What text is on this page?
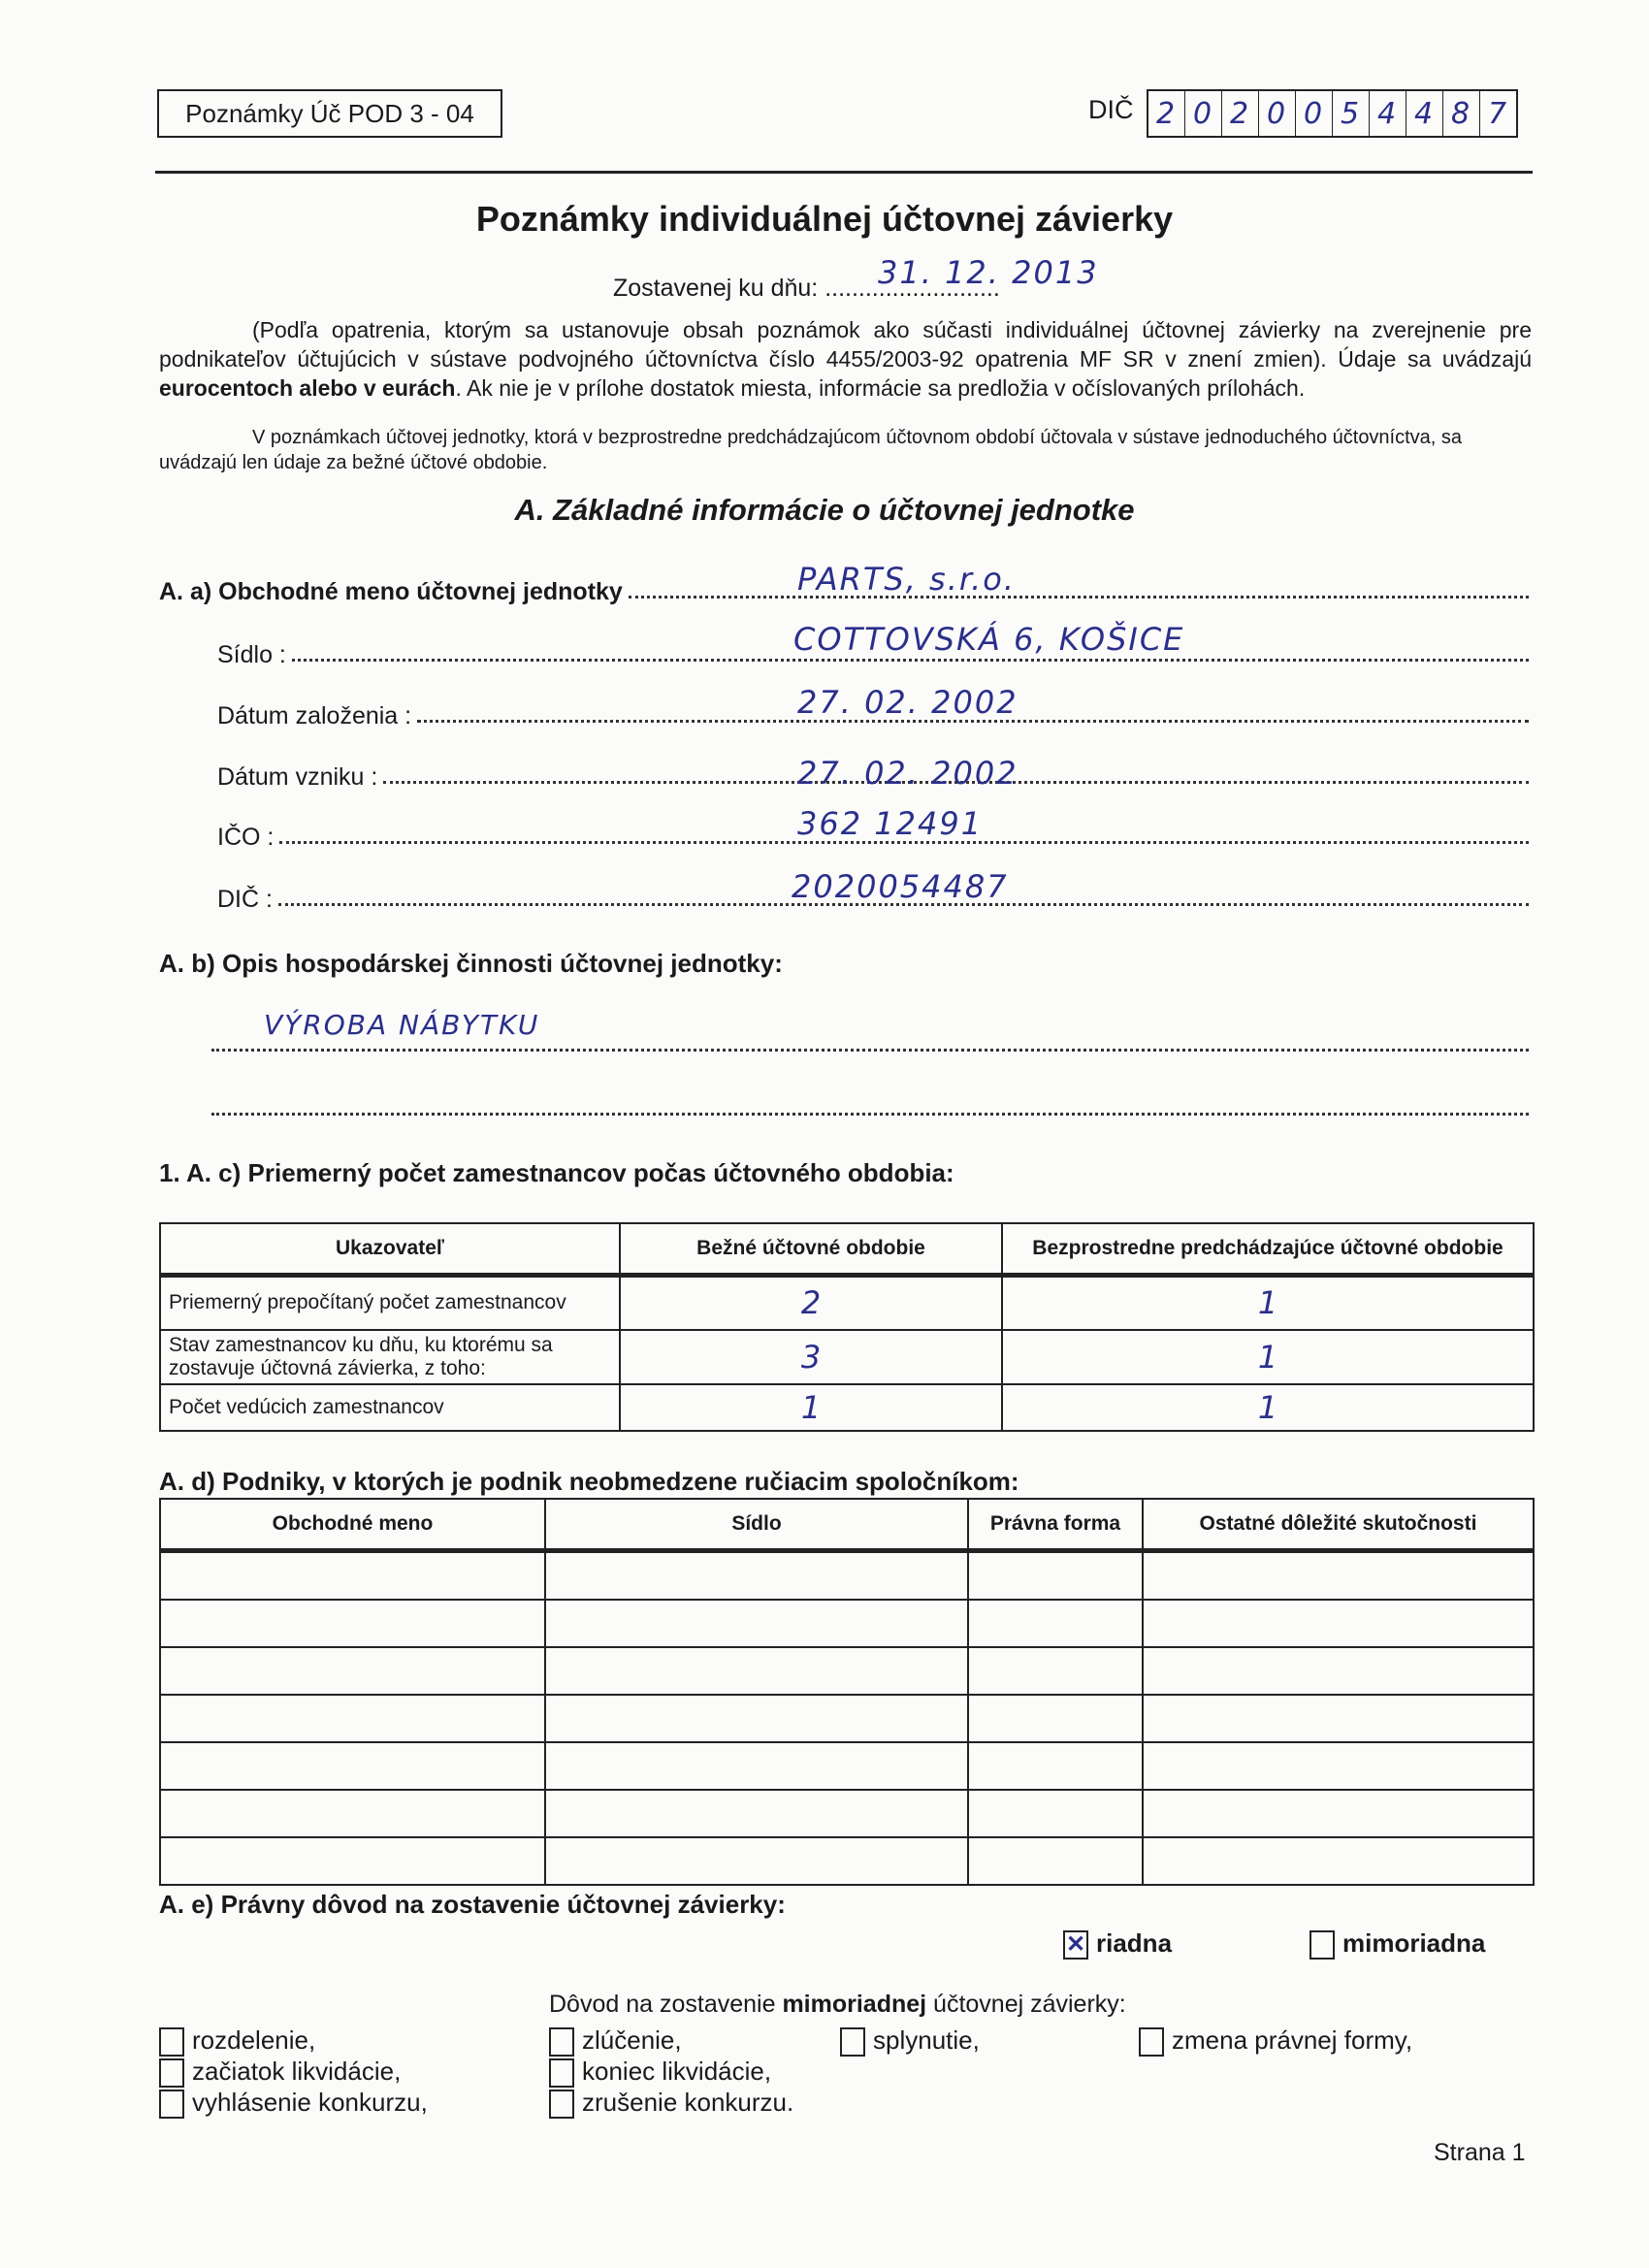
Poznámky Úč POD 3 - 04	DIČ 2 0 2 0 0 5 4 4 8 7
Poznámky individuálnej účtovnej závierky
Zostavenej ku dňu: ..........................
31. 12. 2013
(Podľa opatrenia, ktorým sa ustanovuje obsah poznámok ako súčasti individuálnej účtovnej závierky na zverejnenie pre podnikateľov účtujúcich v sústave podvojného účtovníctva číslo 4455/2003-92 opatrenia MF SR v znení zmien). Údaje sa uvádzajú eurocentoch alebo v eurách. Ak nie je v prílohe dostatok miesta, informácie sa predložia v očíslovaných prílohách.
V poznámkach účtovej jednotky, ktorá v bezprostredne predchádzajúcom účtovnom období účtovala v sústave jednoduchého účtovníctva, sa uvádzajú len údaje za bežné účtové obdobie.
A. Základné informácie o účtovnej jednotke
A. a) Obchodné meno účtovnej jednotky	PARTS, s.r.o.
Sídlo :	COTTOVSKÁ 6, KOŠICE
Dátum založenia :	27. 02. 2002
Dátum vzniku :	27. 02. 2002
IČO :	362 12491
DIČ :	2020054487
A. b) Opis hospodárskej činnosti účtovnej jednotky:
VÝROBA NÁBYTKU
1. A. c) Priemerný počet zamestnancov počas účtovného obdobia:
Ukazovateľ	Bežné účtovné obdobie	Bezprostredne predchádzajúce účtovné obdobie
Priemerný prepočítaný počet zamestnancov	2	1
Stav zamestnancov ku dňu, ku ktorému sa zostavuje účtovná závierka, z toho:	3	1
Počet vedúcich zamestnancov	1	1
A. d) Podniky, v ktorých je podnik neobmedzene ručiacim spoločníkom:
Obchodné meno	Sídlo	Právna forma	Ostatné dôležité skutočnosti

A. e) Právny dôvod na zostavenie účtovnej závierky:
✕riadna	mimoriadna
Dôvod na zostavenie mimoriadnej účtovnej závierky:
rozdelenie,
začiatok likvidácie,
vyhlásenie konkurzu,
zlúčenie,
koniec likvidácie,
zrušenie konkurzu.
splynutie,	zmena právnej formy,
Strana 1
